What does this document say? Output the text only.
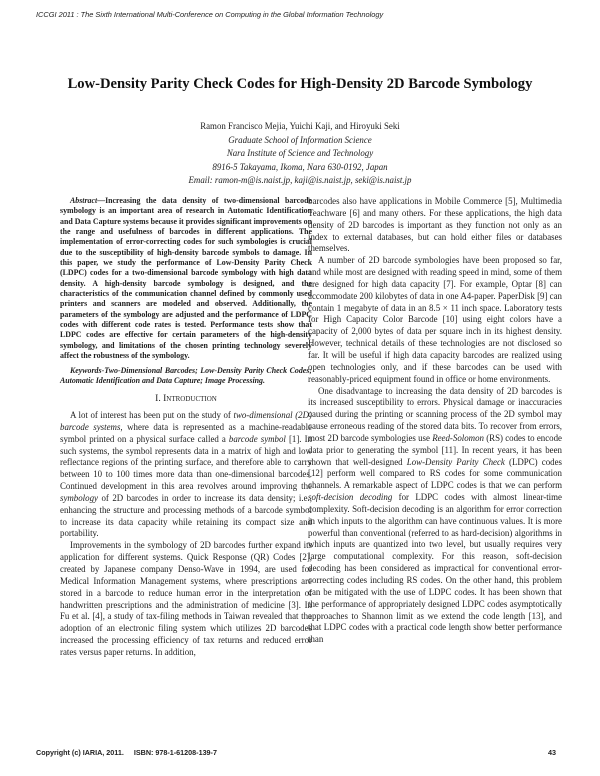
ICCGI 2011 : The Sixth International Multi-Conference on Computing in the Global Information Technology
Low-Density Parity Check Codes for High-Density 2D Barcode Symbology
Ramon Francisco Mejia, Yuichi Kaji, and Hiroyuki Seki
Graduate School of Information Science
Nara Institute of Science and Technology
8916-5 Takayama, Ikoma, Nara 630-0192, Japan
Email: ramon-m@is.naist.jp, kaji@is.naist.jp, seki@is.naist.jp

Abstract—Increasing the data density of two-dimensional barcode symbology is an important area of research in Automatic Identification and Data Capture systems because it provides significant improvements on the range and usefulness of barcodes in different applications. The implementation of error-correcting codes for such symbologies is crucial due to the susceptibility of high-density barcode symbols to damage. In this paper, we study the performance of Low-Density Parity Check (LDPC) codes for a two-dimensional barcode symbology with high data density. A high-density barcode symbology is designed, and the characteristics of the communication channel defined by commonly used printers and scanners are modeled and observed. Additionally, the parameters of the symbology are adjusted and the performance of LDPC codes with different code rates is tested. Performance tests show that LDPC codes are effective for certain parameters of the high-density symbology, and limitations of the chosen printing technology severely affect the robustness of the symbology.

Keywords-Two-Dimensional Barcodes; Low-Density Parity Check Codes; Automatic Identification and Data Capture; Image Processing.

I. Introduction

A lot of interest has been put on the study of two-dimensional (2D) barcode systems, where data is represented as a machine-readable symbol printed on a physical surface called a barcode symbol [1]. In such systems, the symbol represents data in a matrix of high and low reflectance regions of the printing surface, and therefore able to carry between 10 to 100 times more data than one-dimensional barcodes. Continued development in this area revolves around improving the symbology of 2D barcodes in order to increase its data density; i.e., enhancing the structure and processing methods of a barcode symbol to increase its data capacity while retaining its compact size and portability.

Improvements in the symbology of 2D barcodes further expand its application for different systems. Quick Response (QR) Codes [2], created by Japanese company Denso-Wave in 1994, are used for Medical Information Management systems, where prescriptions are stored in a barcode to reduce human error in the interpretation of handwritten prescriptions and the administration of medicine [3]. In Fu et al. [4], a study of tax-filing methods in Taiwan revealed that the adoption of an electronic filing system which utilizes 2D barcodes increased the processing efficiency of tax returns and reduced error rates versus paper returns. In addition,

barcodes also have applications in Mobile Commerce [5], Multimedia Teachware [6] and many others. For these applications, the high data density of 2D barcodes is important as they function not only as an index to external databases, but can hold either files or databases themselves.

A number of 2D barcode symbologies have been proposed so far, and while most are designed with reading speed in mind, some of them are designed for high data capacity [7]. For example, Optar [8] can accommodate 200 kilobytes of data in one A4-paper. PaperDisk [9] can contain 1 megabyte of data in an 8.5 × 11 inch space. Laboratory tests for High Capacity Color Barcode [10] using eight colors have a capacity of 2,000 bytes of data per square inch in its highest density. However, technical details of these technologies are not disclosed so far. It will be useful if high data capacity barcodes are realized using open technologies only, and if these barcodes can be used with reasonably-priced equipment found in office or home environments.

One disadvantage to increasing the data density of 2D barcodes is its increased susceptibility to errors. Physical damage or inaccuracies caused during the printing or scanning process of the 2D symbol may cause erroneous reading of the stored data bits. To recover from errors, most 2D barcode symbologies use Reed-Solomon (RS) codes to encode data prior to generating the symbol [11]. In recent years, it has been shown that well-designed Low-Density Parity Check (LDPC) codes [12] perform well compared to RS codes for some communication channels. A remarkable aspect of LDPC codes is that we can perform soft-decision decoding for LDPC codes with almost linear-time complexity. Soft-decision decoding is an algorithm for error correction in which inputs to the algorithm can have continuous values. It is more powerful than conventional (referred to as hard-decision) algorithms in which inputs are quantized into two level, but usually requires very large computational complexity. For this reason, soft-decision decoding has been considered as impractical for conventional error-correcting codes including RS codes. On the other hand, this problem can be mitigated with the use of LDPC codes. It has been shown that the performance of appropriately designed LDPC codes asymptotically approaches to Shannon limit as we extend the code length [13], and that LDPC codes with a practical code length show better performance than

Copyright (c) IARIA, 2011.     ISBN: 978-1-61208-139-7	43
